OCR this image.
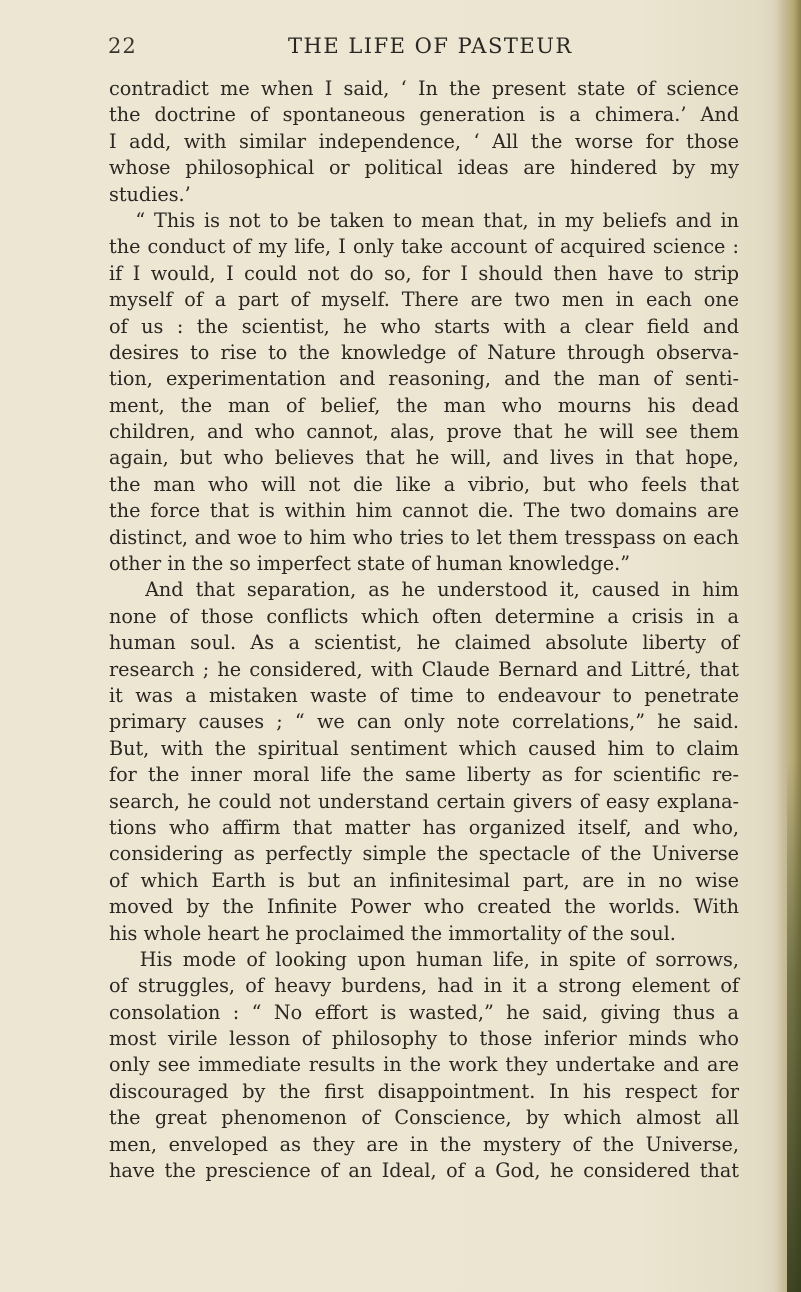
22	THE LIFE OF PASTEUR
contradict me when I said, ‘ In the present state of science
the doctrine of spontaneous generation is a chimera.’ And
I add, with similar independence, ‘ All the worse for those
whose philosophical or political ideas are hindered by my
studies.’
“ This is not to be taken to mean that, in my beliefs and in
the conduct of my life, I only take account of acquired science :
if I would, I could not do so, for I should then have to strip
myself of a part of myself. There are two men in each one
of us : the scientist, he who starts with a clear field and
desires to rise to the knowledge of Nature through observa-
tion, experimentation and reasoning, and the man of senti-
ment, the man of belief, the man who mourns his dead
children, and who cannot, alas, prove that he will see them
again, but who believes that he will, and lives in that hope,
the man who will not die like a vibrio, but who feels that
the force that is within him cannot die. The two domains are
distinct, and woe to him who tries to let them tresspass on each
other in the so imperfect state of human knowledge.”
And that separation, as he understood it, caused in him
none of those conflicts which often determine a crisis in a
human soul. As a scientist, he claimed absolute liberty of
research ; he considered, with Claude Bernard and Littré, that
it was a mistaken waste of time to endeavour to penetrate
primary causes ; “ we can only note correlations,” he said.
But, with the spiritual sentiment which caused him to claim
for the inner moral life the same liberty as for scientific re-
search, he could not understand certain givers of easy explana-
tions who affirm that matter has organized itself, and who,
considering as perfectly simple the spectacle of the Universe
of which Earth is but an infinitesimal part, are in no wise
moved by the Infinite Power who created the worlds. With
his whole heart he proclaimed the immortality of the soul.
His mode of looking upon human life, in spite of sorrows,
of struggles, of heavy burdens, had in it a strong element of
consolation : “ No effort is wasted,” he said, giving thus a
most virile lesson of philosophy to those inferior minds who
only see immediate results in the work they undertake and are
discouraged by the first disappointment. In his respect for
the great phenomenon of Conscience, by which almost all
men, enveloped as they are in the mystery of the Universe,
have the prescience of an Ideal, of a God, he considered that
